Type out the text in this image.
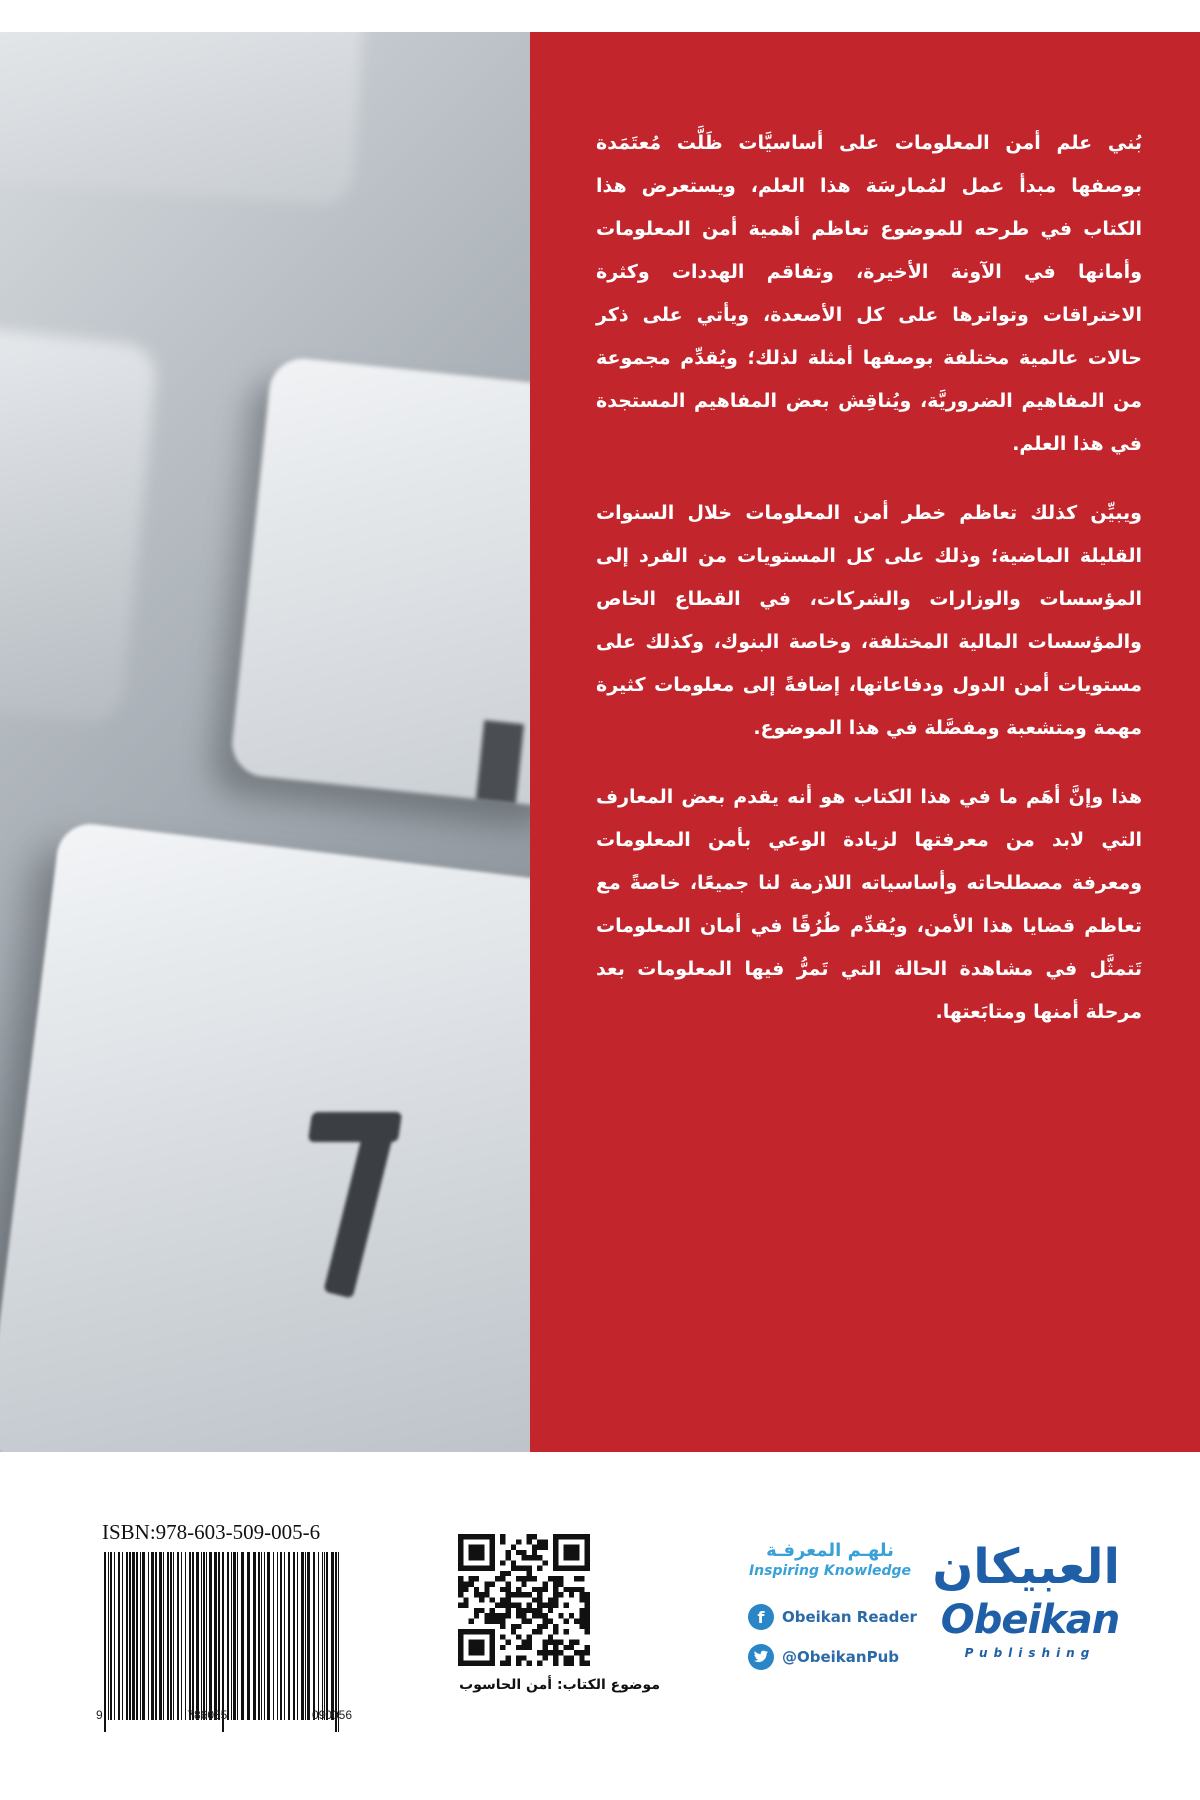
بُني علم أمن المعلومات على أساسيَّات ظَلَّت مُعتَمَدة بوصفها مبدأ عمل لمُمارسَة هذا العلم، ويستعرض هذا الكتاب في طرحه للموضوع تعاظم أهمية أمن المعلومات وأمانها في الآونة الأخيرة، وتفاقم الهددات وكثرة الاختراقات وتواترها على كل الأصعدة، ويأتي على ذكر حالات عالمية مختلفة بوصفها أمثلة لذلك؛ ويُقدِّم مجموعة من المفاهيم الضروريَّة، ويُناقِش بعض المفاهيم المستجدة في هذا العلم.

ويبيِّن كذلك تعاظم خطر أمن المعلومات خلال السنوات القليلة الماضية؛ وذلك على كل المستويات من الفرد إلى المؤسسات والوزارات والشركات، في القطاع الخاص والمؤسسات المالية المختلفة، وخاصة البنوك، وكذلك على مستويات أمن الدول ودفاعاتها، إضافةً إلى معلومات كثيرة مهمة ومتشعبة ومفصَّلة في هذا الموضوع.

هذا وإنَّ أهَم ما في هذا الكتاب هو أنه يقدم بعض المعارف التي لابد من معرفتها لزيادة الوعي بأمن المعلومات ومعرفة مصطلحاته وأساسياته اللازمة لنا جميعًا، خاصةً مع تعاظم قضايا هذا الأمن، ويُقدِّم طُرُقًا في أمان المعلومات تَتمثَّل في مشاهدة الحالة التي تَمرُّ فيها المعلومات بعد مرحلة أمنها ومتابَعتها.

ISBN:978-603-509-005-6
9	786035	090056
موضوع الكتاب: أمن الحاسوب
نلهـم المعرفـة
Inspiring Knowledge
f	Obeikan Reader
@ObeikanPub
العبيكان
Obeikan
Publishing
